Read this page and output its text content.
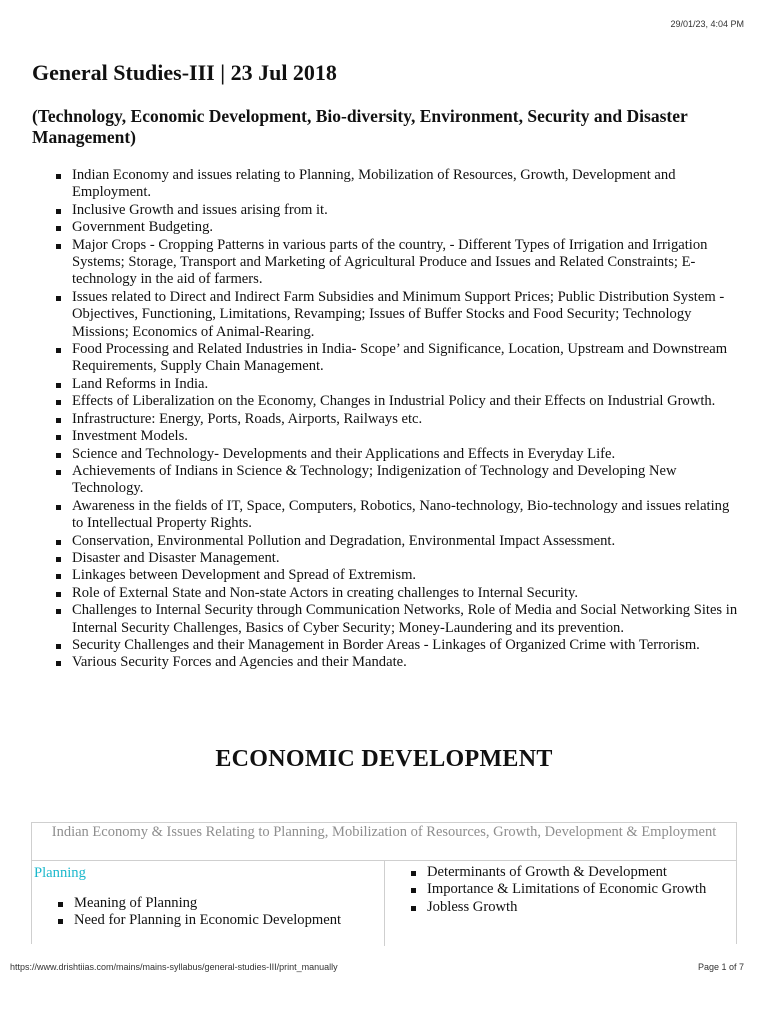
29/01/23, 4:04 PM
General Studies-III | 23 Jul 2018
(Technology, Economic Development, Bio-diversity, Environment, Security and Disaster Management)
Indian Economy and issues relating to Planning, Mobilization of Resources, Growth, Development and Employment.
Inclusive Growth and issues arising from it.
Government Budgeting.
Major Crops - Cropping Patterns in various parts of the country, - Different Types of Irrigation and Irrigation Systems; Storage, Transport and Marketing of Agricultural Produce and Issues and Related Constraints; E-technology in the aid of farmers.
Issues related to Direct and Indirect Farm Subsidies and Minimum Support Prices; Public Distribution System - Objectives, Functioning, Limitations, Revamping; Issues of Buffer Stocks and Food Security; Technology Missions; Economics of Animal-Rearing.
Food Processing and Related Industries in India- Scope’ and Significance, Location, Upstream and Downstream Requirements, Supply Chain Management.
Land Reforms in India.
Effects of Liberalization on the Economy, Changes in Industrial Policy and their Effects on Industrial Growth.
Infrastructure: Energy, Ports, Roads, Airports, Railways etc.
Investment Models.
Science and Technology- Developments and their Applications and Effects in Everyday Life.
Achievements of Indians in Science & Technology; Indigenization of Technology and Developing New Technology.
Awareness in the fields of IT, Space, Computers, Robotics, Nano-technology, Bio-technology and issues relating to Intellectual Property Rights.
Conservation, Environmental Pollution and Degradation, Environmental Impact Assessment.
Disaster and Disaster Management.
Linkages between Development and Spread of Extremism.
Role of External State and Non-state Actors in creating challenges to Internal Security.
Challenges to Internal Security through Communication Networks, Role of Media and Social Networking Sites in Internal Security Challenges, Basics of Cyber Security; Money-Laundering and its prevention.
Security Challenges and their Management in Border Areas - Linkages of Organized Crime with Terrorism.
Various Security Forces and Agencies and their Mandate.
ECONOMIC DEVELOPMENT
Indian Economy & Issues Relating to Planning, Mobilization of Resources, Growth, Development & Employment
Planning
Meaning of Planning
Need for Planning in Economic Development
Determinants of Growth & Development
Importance & Limitations of Economic Growth
Jobless Growth
https://www.drishtiias.com/mains/mains-syllabus/general-studies-III/print_manually	Page 1 of 7
